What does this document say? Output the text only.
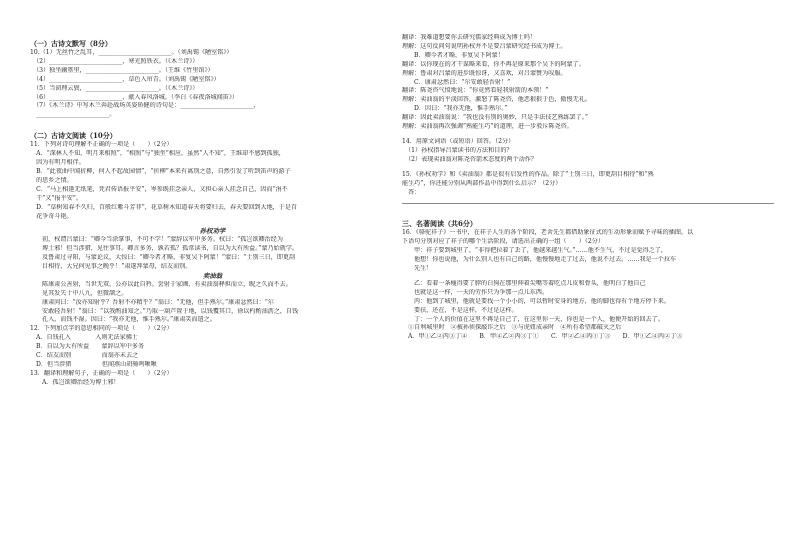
（一）古诗文默写（8分）
10.（1）无丝竹之乱耳，________________________。（刘禹锡《陋室铭》）
　（2）________________________，寒光照铁衣。（《木兰诗》）
　（3）独坐幽篁里，________________________。（王维《竹里馆》）
　（4）________________________，草色入帘青。（刘禹锡《陋室铭》）
　（5）当窗理云鬓，________________________。（《木兰诗》）
　（6）________________________，献入春风洛城。（李白《春夜洛城闻笛》）
　（7）《木兰诗》中写木兰奔赴战场英姿矫健的诗句是：________________________，
　________________________。
（二）古诗文阅读（10分）
11．下列对诗句理解不正确的一项是（　　）（2分）
　A．“深林人不知，明月来相照”，“相照”与“独坐”相应，虽然“人不知”，王维却不感到孤独，
　因为有明月相伴。
　B．“此夜曲中闻折柳，何人不起故园情”，“折柳”本来有离别之意，自然引发了听到笛声的游子
　的思乡之情。
　C．“马上相逢无纸笔，凭君传语报平安”，岑参既挂念亲人，又担心亲人挂念自己，因而“涓不
　干”又“报平安”。
　D．“草树知春不久归，百般红紫斗芳菲”，花草树木知道春天将要归去，春天要回到大地，于是百
　花争奇斗艳。
孙权劝学
初，权谓吕蒙曰：“卿今当涂掌事，不可不学！”蒙辞以军中多务。权曰：“孤岂欲卿治经为
博士邪！但当涉猎，见往事耳。卿言多务，孰若孤？孤常读书，自以为大有所益。”蒙乃始就学。
及鲁肃过寻阳，与蒙论议，大惊曰：“卿今者才略，非复吴下阿蒙！”蒙曰：“士别三日，即更刮
目相待，大兄何见事之晚乎！”肃遂拜蒙母，结友而别。
卖油翁
陈康肃公善射，当世无双，公亦以此自矜。尝射于家圃，有卖油翁释担而立，睨之久而不去。
见其发矢十中八九，但微颔之。
康肃问曰：“汝亦知射乎？吾射不亦精乎？”翁曰：“无他，但手熟尔。”康肃忿然曰：“尔
安敢轻吾射！”翁曰：“以我酌油知之。”乃取一葫芦置于地，以钱覆其口，徐以杓酌油沥之，自钱
孔入，而钱不湿。因曰：“我亦无他，惟手熟尔。”康肃笑而遣之。
12．下列加点字的意思相同的一项是（　　）（2分）
A．自钱孔入　　　　入则无法家拂士
B．自以为大有所益　　蒙辞以军中多务
C．结友而别　　　　　而翁亦未去之
D．但当涉猎　　　　　但闻燕山胡骑鸣啾啾
13．翻译和理解句子，正确的一项是（　　）（2分）
A．孤岂欲卿治经为博士邪！
翻译：我难道想要你去研究儒家经典成为博士吗！
理解：这句反问句说明孙权并不是要吕蒙研究经书成为博士。
B．卿今者才略，非复吴下阿蒙！
翻译：以你现在的才干谋略来看，你不再是原来那个吴下的阿蒙了。
理解：鲁肃对吕蒙的进步既惊讶，又喜欢，对吕蒙赞为叹服。
C．康肃忿然曰：“尔安敢轻吾射！”
翻译：陈尧咨气愤地说：“你竟然看轻我射箭的本领！”
理解：卖油翁的平淡回答，激怒了陈尧咨，他恶狠狠于色，傲慢无礼。
D．因曰：“我亦无他，惟手熟尔。”
翻译：因此卖油翁说：“我也没有别的奥妙，只是手法技艺熟练罢了。”
理解：卖油翁再次强调“熟能生巧”的道理，进一步驳斥陈尧咨。
14．用原文词语（或短语）回答。（2分）
　（1）孙权指导吕蒙读书的方法和目的？
　（2）表现卖油翁对陈尧咨箭术态度的两个动作？
15．《孙权劝学》和《卖油翁》都是很有启发性的作品。除了“士别三日，即更刮目相待”和“熟
能生巧”，你还能分别从两部作品中得到什么启示？（2分）
　答：
三、名著阅读（共6分）
16．《骆驼祥子》一书中，在祥子人生的各个阶段，老舍先生都借助象征式的生动形象而赋予寻味的插图。以
下语句分别对应了祥子的哪个生活阶段，请选出正确的一组（　　）（2分）
甲：祥子要到城里了，“非得把拉着了丢了，他越来越生气。”……他不生气，不过是觉得乏了，
他想！你也说他，为什么别人也有自己的路，他慢慢地走了过去，他说不过去。……我是一个拉车
先生！
乙：看着一条瘦得要了脖的白狗在那里伸着尖嘴等着吃点儿皮和骨头，他明白了他自己
也就是这一样，一天的劳作只为争那一点儿东西。
丙：他到了城里，他就是要找一个小小的，可以暂时安身的地方，他的脚也得有个地方停下来。
要扶，还在，不是这样，不过是这样。
丁：一个人的价值在这里不再是自己了，在这里你一天，你也是一个人，他便开始的回去了。
①自利城里时　②被孙侦探敲诈之后　③与虎妞成亲时　④所有希望都破灭之后
A．甲①乙②丙③丁④　　B．甲④乙②丙③丁①　　C．甲②乙④丙①丁③　　D．甲①乙④丙②丁③
